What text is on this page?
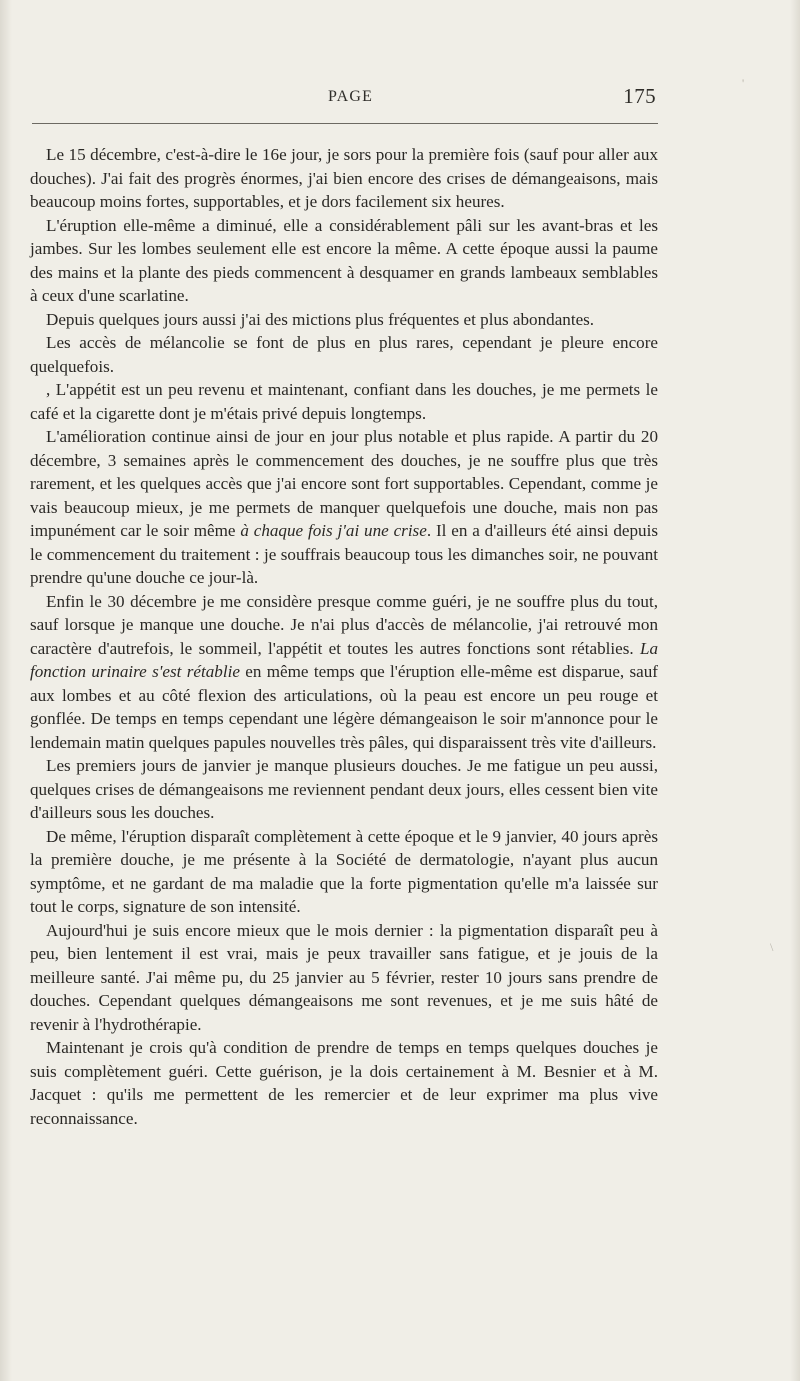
PAGE	175

Le 15 décembre, c'est-à-dire le 16e jour, je sors pour la première fois (sauf pour aller aux douches). J'ai fait des progrès énormes, j'ai bien encore des crises de démangeaisons, mais beaucoup moins fortes, supportables, et je dors facilement six heures.

L'éruption elle-même a diminué, elle a considérablement pâli sur les avant-bras et les jambes. Sur les lombes seulement elle est encore la même. A cette époque aussi la paume des mains et la plante des pieds commencent à desquamer en grands lambeaux semblables à ceux d'une scarlatine.

Depuis quelques jours aussi j'ai des mictions plus fréquentes et plus abondantes.

Les accès de mélancolie se font de plus en plus rares, cependant je pleure encore quelquefois.

, L'appétit est un peu revenu et maintenant, confiant dans les douches, je me permets le café et la cigarette dont je m'étais privé depuis longtemps.

L'amélioration continue ainsi de jour en jour plus notable et plus rapide. A partir du 20 décembre, 3 semaines après le commencement des douches, je ne souffre plus que très rarement, et les quelques accès que j'ai encore sont fort supportables. Cependant, comme je vais beaucoup mieux, je me permets de manquer quelquefois une douche, mais non pas impunément car le soir même à chaque fois j'ai une crise. Il en a d'ailleurs été ainsi depuis le commencement du traitement : je souffrais beaucoup tous les dimanches soir, ne pouvant prendre qu'une douche ce jour-là.

Enfin le 30 décembre je me considère presque comme guéri, je ne souffre plus du tout, sauf lorsque je manque une douche. Je n'ai plus d'accès de mélancolie, j'ai retrouvé mon caractère d'autrefois, le sommeil, l'appétit et toutes les autres fonctions sont rétablies. La fonction urinaire s'est rétablie en même temps que l'éruption elle-même est disparue, sauf aux lombes et au côté flexion des articulations, où la peau est encore un peu rouge et gonflée. De temps en temps cependant une légère démangeaison le soir m'annonce pour le lendemain matin quelques papules nouvelles très pâles, qui disparaissent très vite d'ailleurs.

Les premiers jours de janvier je manque plusieurs douches. Je me fatigue un peu aussi, quelques crises de démangeaisons me reviennent pendant deux jours, elles cessent bien vite d'ailleurs sous les douches.

De même, l'éruption disparaît complètement à cette époque et le 9 janvier, 40 jours après la première douche, je me présente à la Société de dermatologie, n'ayant plus aucun symptôme, et ne gardant de ma maladie que la forte pigmentation qu'elle m'a laissée sur tout le corps, signature de son intensité.

Aujourd'hui je suis encore mieux que le mois dernier : la pigmentation disparaît peu à peu, bien lentement il est vrai, mais je peux travailler sans fatigue, et je jouis de la meilleure santé. J'ai même pu, du 25 janvier au 5 février, rester 10 jours sans prendre de douches. Cependant quelques démangeaisons me sont revenues, et je me suis hâté de revenir à l'hydrothérapie.

Maintenant je crois qu'à condition de prendre de temps en temps quelques douches je suis complètement guéri. Cette guérison, je la dois certainement à M. Besnier et à M. Jacquet : qu'ils me permettent de les remercier et de leur exprimer ma plus vive reconnaissance.

'
\
